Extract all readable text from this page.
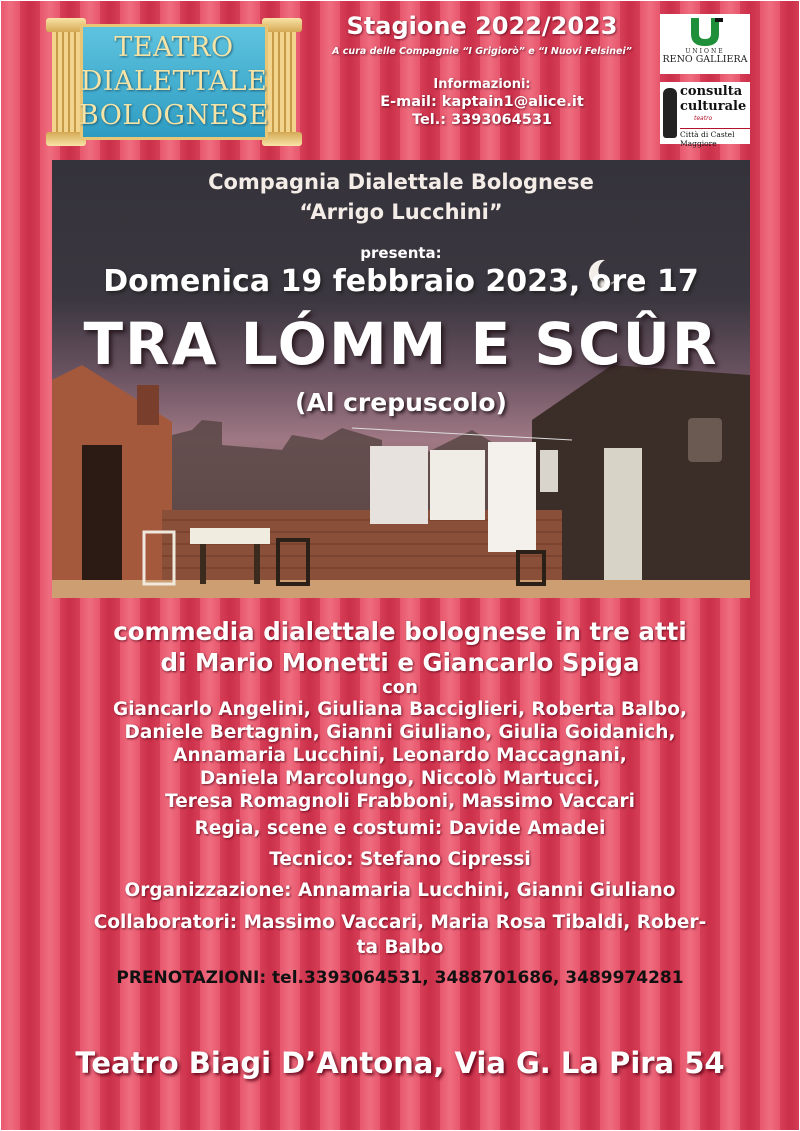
TEATRO
DIALETTALE
BOLOGNESE
Stagione 2022/2023
A cura delle Compagnie “I Grigiorò” e “I Nuovi Felsinei”
Informazioni:
E-mail: kaptain1@alice.it
Tel.: 3393064531
UNIONE
RENO GALLIERA
consulta
culturale
teatro
Città di Castel Maggiore
Compagnia Dialettale Bolognese
“Arrigo Lucchini”
presenta:
Domenica 19 febbraio 2023, ore 17
TRA LÓMM E SCÛR
(Al crepuscolo)
commedia dialettale bolognese in tre atti
di Mario Monetti e Giancarlo Spiga
con
Giancarlo Angelini, Giuliana Bacciglieri, Roberta Balbo,
Daniele Bertagnin, Gianni Giuliano, Giulia Goidanich,
Annamaria Lucchini, Leonardo Maccagnani,
Daniela Marcolungo, Niccolò Martucci,
Teresa Romagnoli Frabboni, Massimo Vaccari
Regia, scene e costumi: Davide Amadei
Tecnico: Stefano Cipressi
Organizzazione: Annamaria Lucchini, Gianni Giuliano
Collaboratori: Massimo Vaccari, Maria Rosa Tibaldi, Rober-
ta Balbo
PRENOTAZIONI: tel.3393064531, 3488701686, 3489974281
Teatro Biagi D’Antona, Via G. La Pira 54
